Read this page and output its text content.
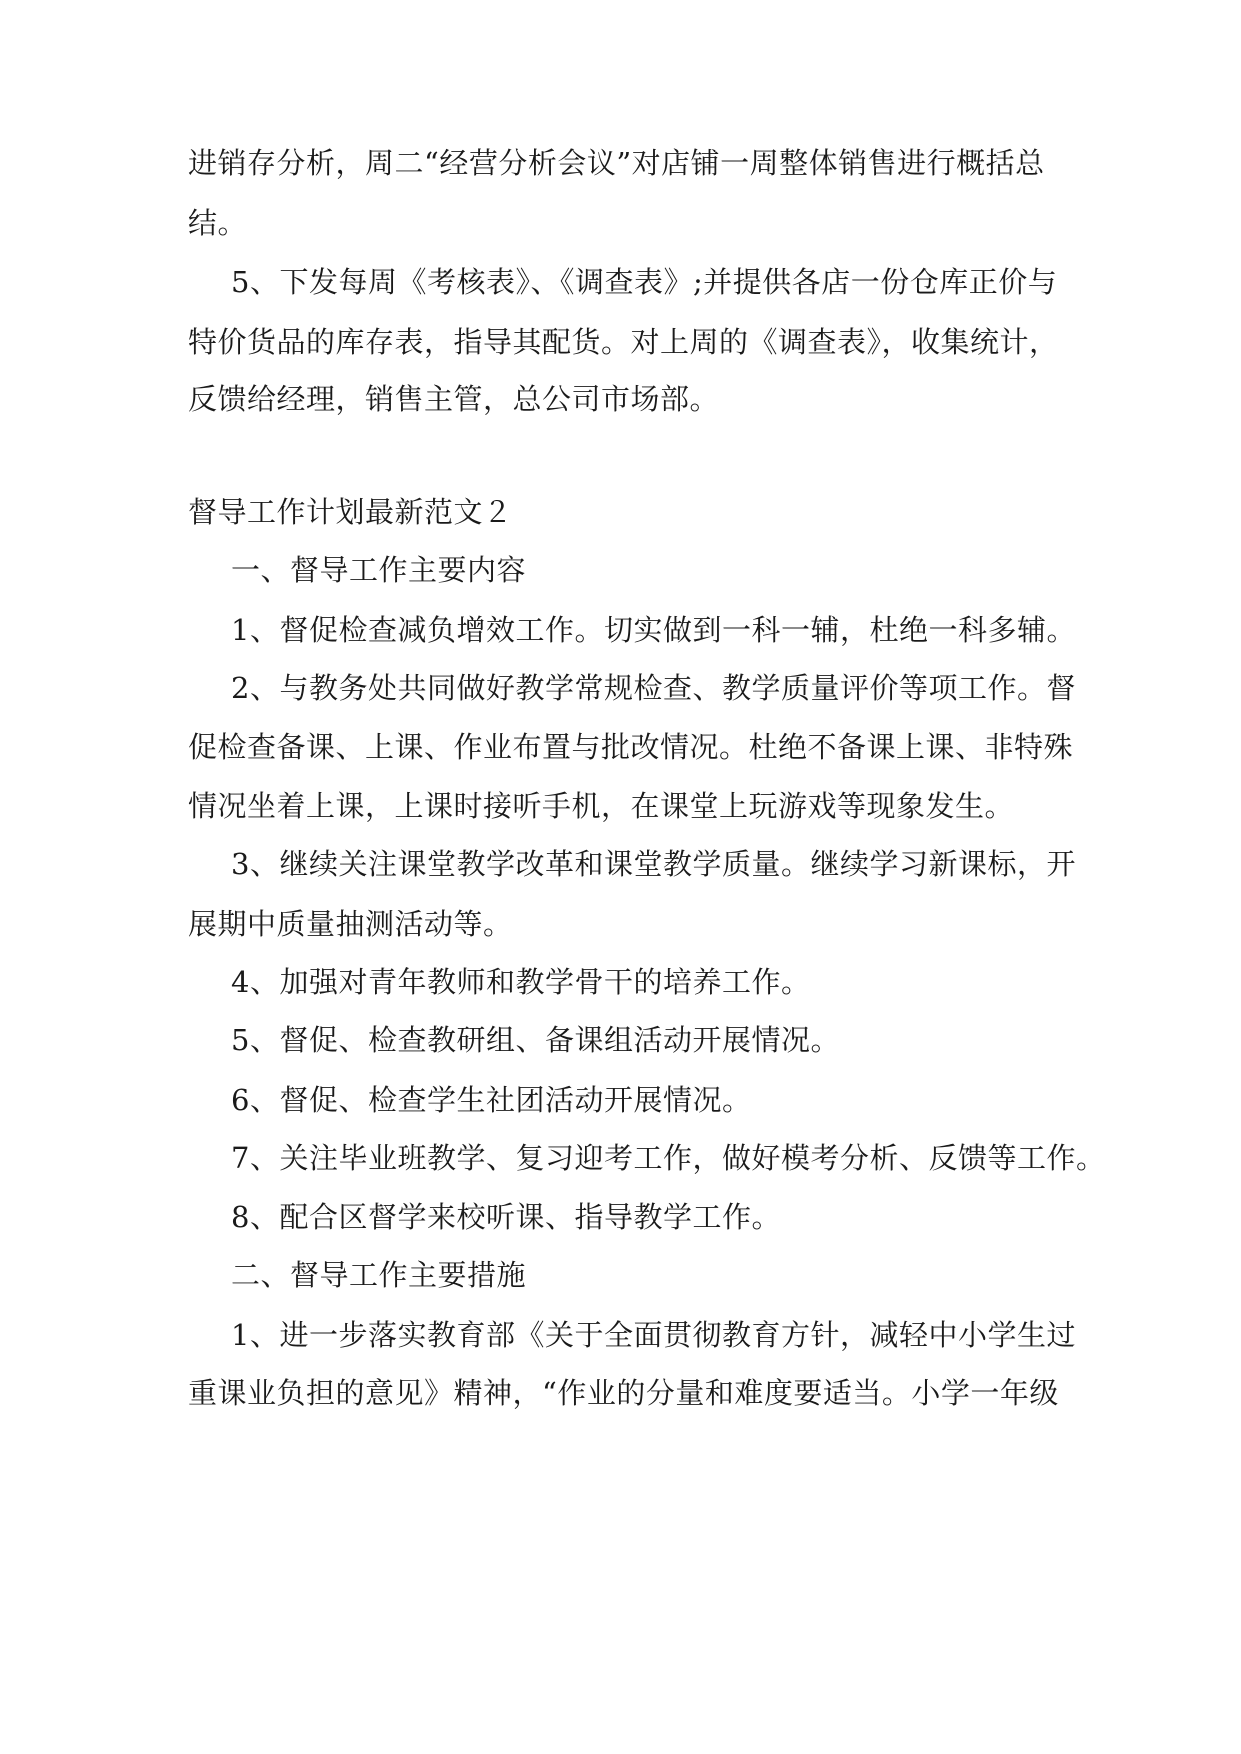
进销存分析，周二“经营分析会议”对店铺一周整体销售进行概括总
结。
5、下发每周《考核表》、《调查表》;并提供各店一份仓库正价与
特价货品的库存表，指导其配货。对上周的《调查表》，收集统计，
反馈给经理，销售主管，总公司市场部。
督导工作计划最新范文２
一、督导工作主要内容
1、督促检查减负增效工作。切实做到一科一辅，杜绝一科多辅。
2、与教务处共同做好教学常规检查、教学质量评价等项工作。督
促检查备课、上课、作业布置与批改情况。杜绝不备课上课、非特殊
情况坐着上课，上课时接听手机，在课堂上玩游戏等现象发生。
3、继续关注课堂教学改革和课堂教学质量。继续学习新课标，开
展期中质量抽测活动等。
4、加强对青年教师和教学骨干的培养工作。
5、督促、检查教研组、备课组活动开展情况。
6、督促、检查学生社团活动开展情况。
7、关注毕业班教学、复习迎考工作，做好模考分析、反馈等工作。
8、配合区督学来校听课、指导教学工作。
二、督导工作主要措施
1、进一步落实教育部《关于全面贯彻教育方针，减轻中小学生过
重课业负担的意见》精神，“作业的分量和难度要适当。小学一年级
